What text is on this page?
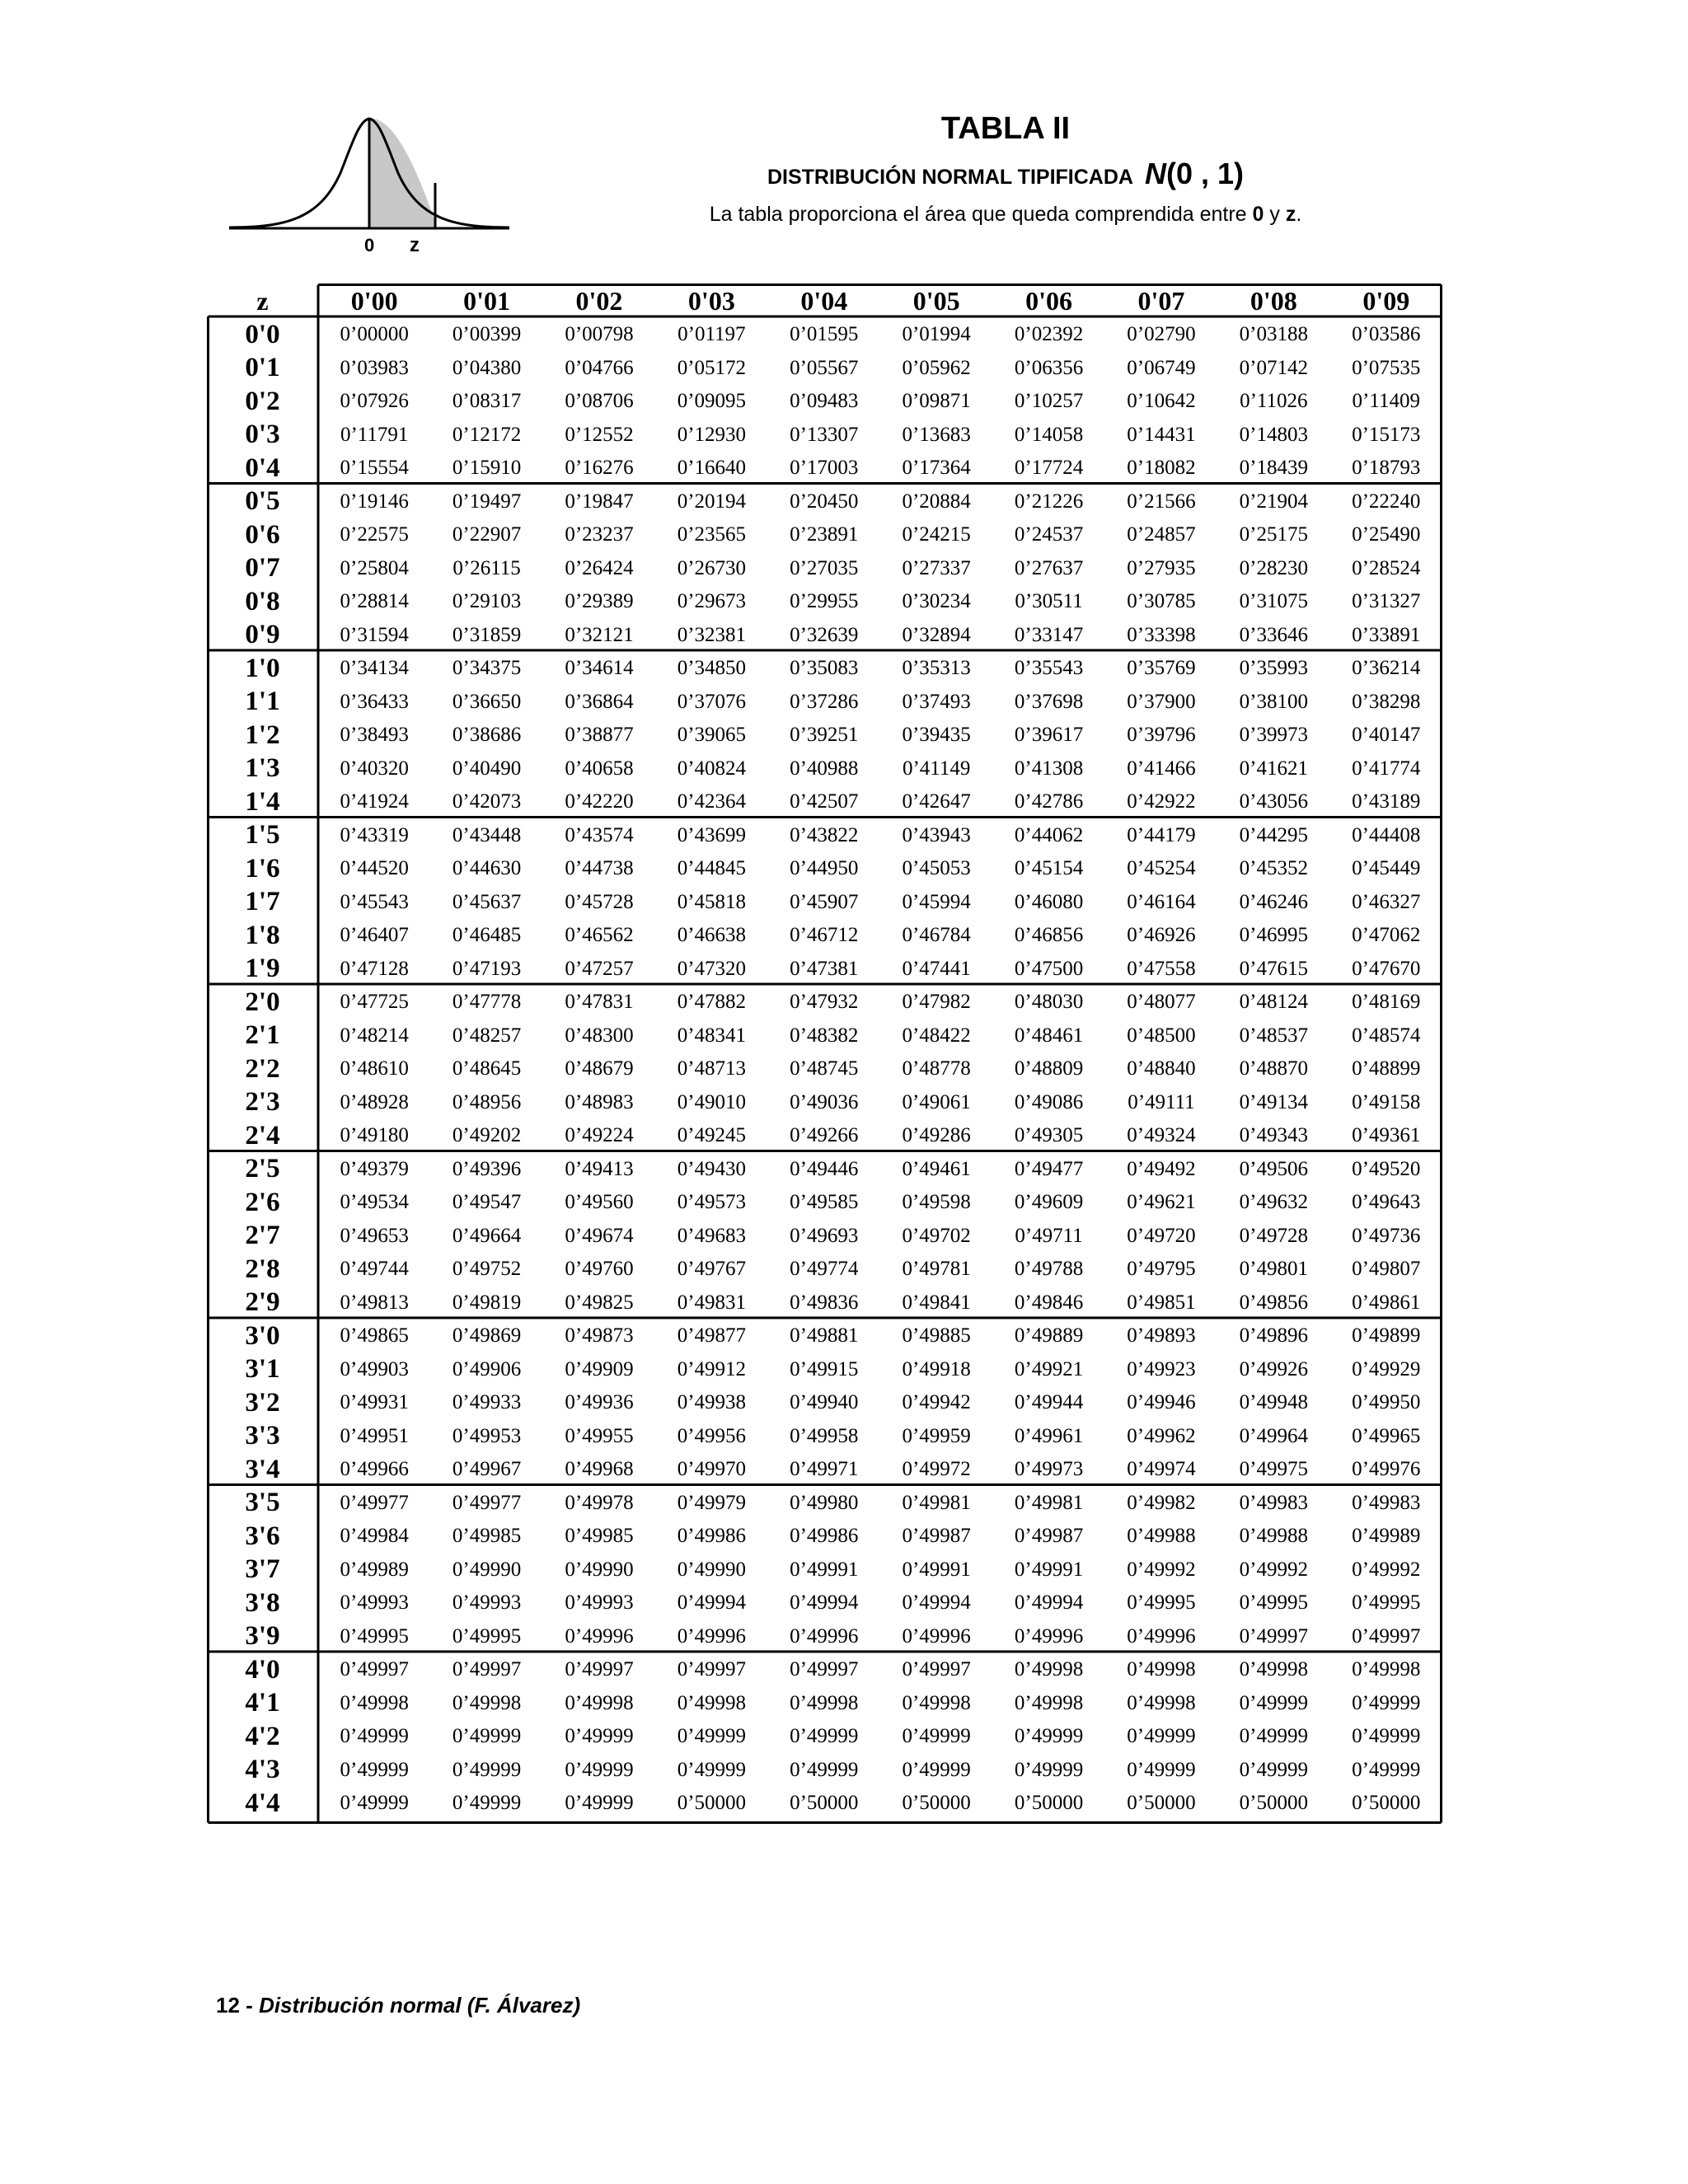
0 z
TABLA II
DISTRIBUCIÓN NORMAL TIPIFICADA N(0 , 1)
La tabla proporciona el área que queda comprendida entre 0 y z.
z	0'00	0'01	0'02	0'03	0'04	0'05	0'06	0'07	0'08	0'09
0'0	0’00000	0’00399	0’00798	0’01197	0’01595	0’01994	0’02392	0’02790	0’03188	0’03586
0'1	0’03983	0’04380	0’04766	0’05172	0’05567	0’05962	0’06356	0’06749	0’07142	0’07535
0'2	0’07926	0’08317	0’08706	0’09095	0’09483	0’09871	0’10257	0’10642	0’11026	0’11409
0'3	0’11791	0’12172	0’12552	0’12930	0’13307	0’13683	0’14058	0’14431	0’14803	0’15173
0'4	0’15554	0’15910	0’16276	0’16640	0’17003	0’17364	0’17724	0’18082	0’18439	0’18793
0'5	0’19146	0’19497	0’19847	0’20194	0’20450	0’20884	0’21226	0’21566	0’21904	0’22240
0'6	0’22575	0’22907	0’23237	0’23565	0’23891	0’24215	0’24537	0’24857	0’25175	0’25490
0'7	0’25804	0’26115	0’26424	0’26730	0’27035	0’27337	0’27637	0’27935	0’28230	0’28524
0'8	0’28814	0’29103	0’29389	0’29673	0’29955	0’30234	0’30511	0’30785	0’31075	0’31327
0'9	0’31594	0’31859	0’32121	0’32381	0’32639	0’32894	0’33147	0’33398	0’33646	0’33891
1'0	0’34134	0’34375	0’34614	0’34850	0’35083	0’35313	0’35543	0’35769	0’35993	0’36214
1'1	0’36433	0’36650	0’36864	0’37076	0’37286	0’37493	0’37698	0’37900	0’38100	0’38298
1'2	0’38493	0’38686	0’38877	0’39065	0’39251	0’39435	0’39617	0’39796	0’39973	0’40147
1'3	0’40320	0’40490	0’40658	0’40824	0’40988	0’41149	0’41308	0’41466	0’41621	0’41774
1'4	0’41924	0’42073	0’42220	0’42364	0’42507	0’42647	0’42786	0’42922	0’43056	0’43189
1'5	0’43319	0’43448	0’43574	0’43699	0’43822	0’43943	0’44062	0’44179	0’44295	0’44408
1'6	0’44520	0’44630	0’44738	0’44845	0’44950	0’45053	0’45154	0’45254	0’45352	0’45449
1'7	0’45543	0’45637	0’45728	0’45818	0’45907	0’45994	0’46080	0’46164	0’46246	0’46327
1'8	0’46407	0’46485	0’46562	0’46638	0’46712	0’46784	0’46856	0’46926	0’46995	0’47062
1'9	0’47128	0’47193	0’47257	0’47320	0’47381	0’47441	0’47500	0’47558	0’47615	0’47670
2'0	0’47725	0’47778	0’47831	0’47882	0’47932	0’47982	0’48030	0’48077	0’48124	0’48169
2'1	0’48214	0’48257	0’48300	0’48341	0’48382	0’48422	0’48461	0’48500	0’48537	0’48574
2'2	0’48610	0’48645	0’48679	0’48713	0’48745	0’48778	0’48809	0’48840	0’48870	0’48899
2'3	0’48928	0’48956	0’48983	0’49010	0’49036	0’49061	0’49086	0’49111	0’49134	0’49158
2'4	0’49180	0’49202	0’49224	0’49245	0’49266	0’49286	0’49305	0’49324	0’49343	0’49361
2'5	0’49379	0’49396	0’49413	0’49430	0’49446	0’49461	0’49477	0’49492	0’49506	0’49520
2'6	0’49534	0’49547	0’49560	0’49573	0’49585	0’49598	0’49609	0’49621	0’49632	0’49643
2'7	0’49653	0’49664	0’49674	0’49683	0’49693	0’49702	0’49711	0’49720	0’49728	0’49736
2'8	0’49744	0’49752	0’49760	0’49767	0’49774	0’49781	0’49788	0’49795	0’49801	0’49807
2'9	0’49813	0’49819	0’49825	0’49831	0’49836	0’49841	0’49846	0’49851	0’49856	0’49861
3'0	0’49865	0’49869	0’49873	0’49877	0’49881	0’49885	0’49889	0’49893	0’49896	0’49899
3'1	0’49903	0’49906	0’49909	0’49912	0’49915	0’49918	0’49921	0’49923	0’49926	0’49929
3'2	0’49931	0’49933	0’49936	0’49938	0’49940	0’49942	0’49944	0’49946	0’49948	0’49950
3'3	0’49951	0’49953	0’49955	0’49956	0’49958	0’49959	0’49961	0’49962	0’49964	0’49965
3'4	0’49966	0’49967	0’49968	0’49970	0’49971	0’49972	0’49973	0’49974	0’49975	0’49976
3'5	0’49977	0’49977	0’49978	0’49979	0’49980	0’49981	0’49981	0’49982	0’49983	0’49983
3'6	0’49984	0’49985	0’49985	0’49986	0’49986	0’49987	0’49987	0’49988	0’49988	0’49989
3'7	0’49989	0’49990	0’49990	0’49990	0’49991	0’49991	0’49991	0’49992	0’49992	0’49992
3'8	0’49993	0’49993	0’49993	0’49994	0’49994	0’49994	0’49994	0’49995	0’49995	0’49995
3'9	0’49995	0’49995	0’49996	0’49996	0’49996	0’49996	0’49996	0’49996	0’49997	0’49997
4'0	0’49997	0’49997	0’49997	0’49997	0’49997	0’49997	0’49998	0’49998	0’49998	0’49998
4'1	0’49998	0’49998	0’49998	0’49998	0’49998	0’49998	0’49998	0’49998	0’49999	0’49999
4'2	0’49999	0’49999	0’49999	0’49999	0’49999	0’49999	0’49999	0’49999	0’49999	0’49999
4'3	0’49999	0’49999	0’49999	0’49999	0’49999	0’49999	0’49999	0’49999	0’49999	0’49999
4'4	0’49999	0’49999	0’49999	0’50000	0’50000	0’50000	0’50000	0’50000	0’50000	0’50000
12 - Distribución normal (F. Álvarez)
